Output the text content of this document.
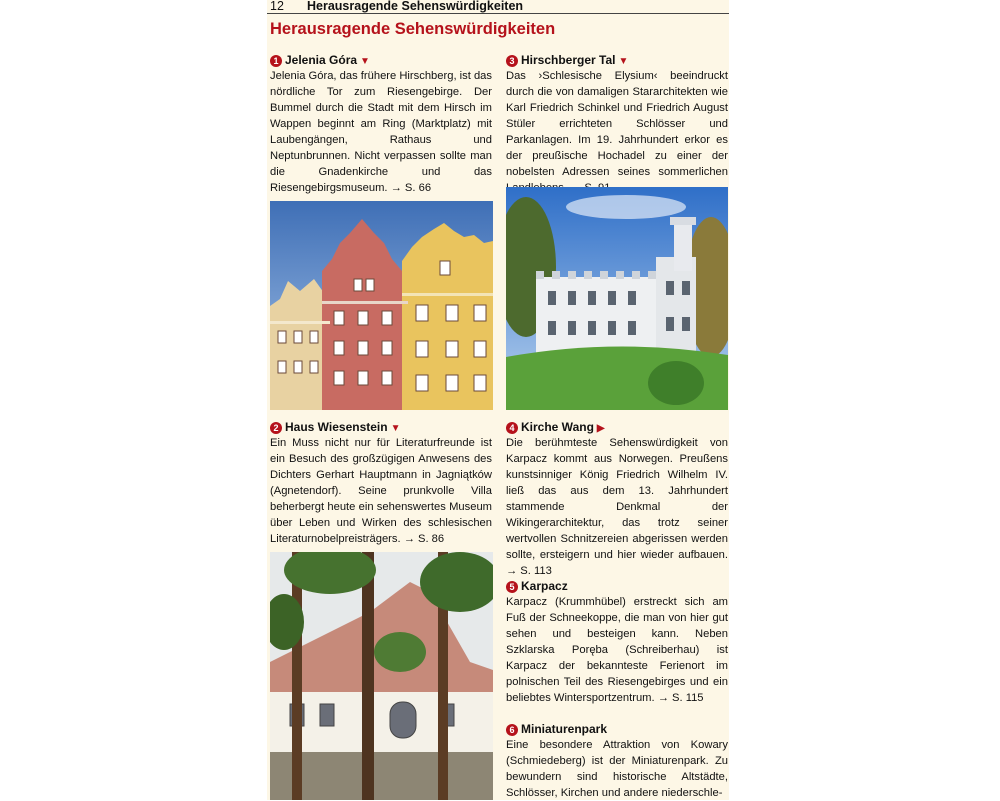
12 Herausragende Sehenswürdigkeiten
Herausragende Sehenswürdigkeiten
1 Jelenia Góra ▼

Jelenia Góra, das frühere Hirschberg, ist das nördliche Tor zum Riesengebirge. Der Bummel durch die Stadt mit dem Hirsch im Wappen beginnt am Ring (Marktplatz) mit Laubengängen, Rathaus und Neptunbrunnen. Nicht verpassen sollte man die Gnadenkirche und das Riesengebirgsmuseum. → S. 66

2 Haus Wiesenstein ▼

Ein Muss nicht nur für Literaturfreunde ist ein Besuch des großzügigen Anwesens des Dichters Gerhart Hauptmann in Jagniątków (Agnetendorf). Seine prunkvolle Villa beherbergt heute ein sehenswertes Museum über Leben und Wirken des schlesischen Literaturnobelpreisträgers. → S. 86

3 Hirschberger Tal ▼

Das ›Schlesische Elysium‹ beeindruckt durch die von damaligen Stararchitekten wie Karl Friedrich Schinkel und Friedrich August Stüler errichteten Schlösser und Parkanlagen. Im 19. Jahrhundert erkor es der preußische Hochadel zu einer der nobelsten Adressen seines sommerlichen

4 Kirche Wang ▶

Die berühmteste Sehenswürdigkeit von Karpacz kommt aus Norwegen. Preußens kunstsinniger König Friedrich Wilhelm IV. ließ das aus dem 13. Jahrhundert stammende Denkmal der Wikingerarchitektur, das trotz seiner wertvollen Schnitzereien abgerissen werden sollte, ersteigern und hier wieder aufbauen. → S. 113

5 Karpacz

Karpacz (Krummhübel) erstreckt sich am Fuß der Schneekoppe, die man von hier gut sehen und besteigen kann. Neben Szklarska Poręba (Schreiberhau) ist Karpacz der bekannteste Ferienort im polnischen Teil des Riesengebirges und ein beliebtes Wintersportzentrum. → S. 115

6 Miniaturenpark

Eine besondere Attraktion von Kowary (Schmiedeberg) ist der Miniaturenpark. Zu bewundern sind historische Altstädte, Schlösser, Kirchen und andere niederschle-
